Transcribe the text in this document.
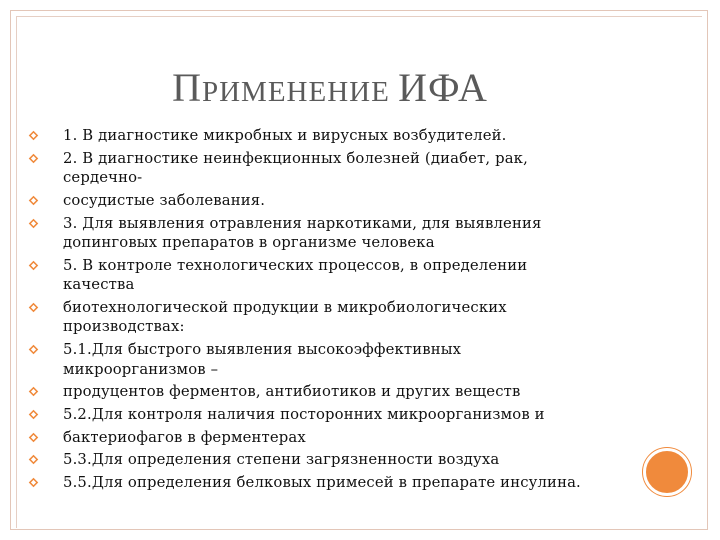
ПРИМЕНЕНИЕ ИФА
1. В диагностике микробных и вирусных возбудителей.
2. В диагностике неинфекционных болезней (диабет, рак, сердечно-
сосудистые заболевания.
3. Для выявления отравления наркотиками, для выявления допинговых препаратов в организме человека
5. В контроле технологических процессов, в определении качества
биотехнологической продукции в микробиологических производствах:
5.1.Для быстрого выявления высокоэффективных микроорганизмов –
продуцентов ферментов, антибиотиков и других веществ
5.2.Для контроля наличия посторонних микроорганизмов и
бактериофагов в ферментерах
5.3.Для определения степени загрязненности воздуха
5.5.Для определения белковых примесей в препарате инсулина.
